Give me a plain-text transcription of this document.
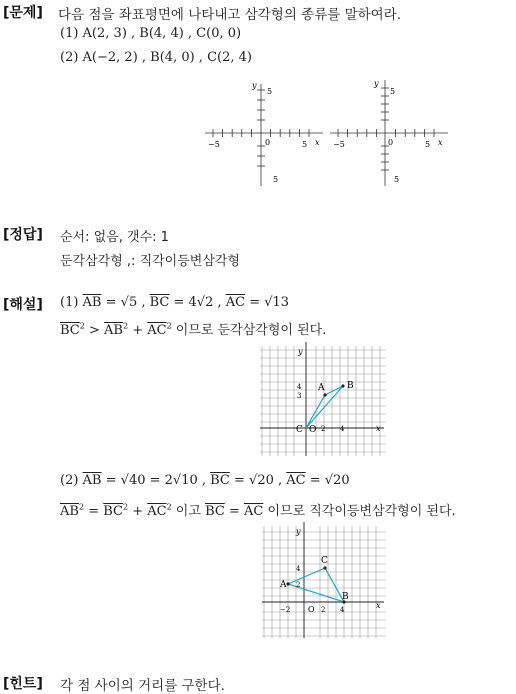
[문제] 다음 점을 좌표평면에 나타내고 삼각형의 종류를 말하여라.
(1) A(2, 3) , B(4, 4) , C(0, 0)
(2) A(−2, 2) , B(4, 0) , C(2, 4)
−5	0	5 x
y
5
5
−5	0	5 x
y
5
5
[정답] 순서: 없음, 갯수: 1
둔각삼각형 ,: 직각이등변삼각형
[해설] (1) $\overline{AB} = √5$ , $\overline{BC} = 4√2$ , $\overline{AC} = √13$
$\overline{BC}^2 > \overline{AB}^2 + \overline{AC}^2$ 이므로 둔각삼각형이 된다.
A	B
C O 2 4
4
3
x
y
(2) $\overline{AB} = √40 = 2√10$ , $\overline{BC} = √20$ , $\overline{AC} = √20$
$\overline{AB}^2 = \overline{BC}^2 + \overline{AC}^2$ 이고 $\overline{BC} = \overline{AC}$ 이므로 직각이등변삼각형이 된다.
A
B
C
O
−2	2 4
4
2
x
y
[힌트] 각 점 사이의 거리를 구한다.
